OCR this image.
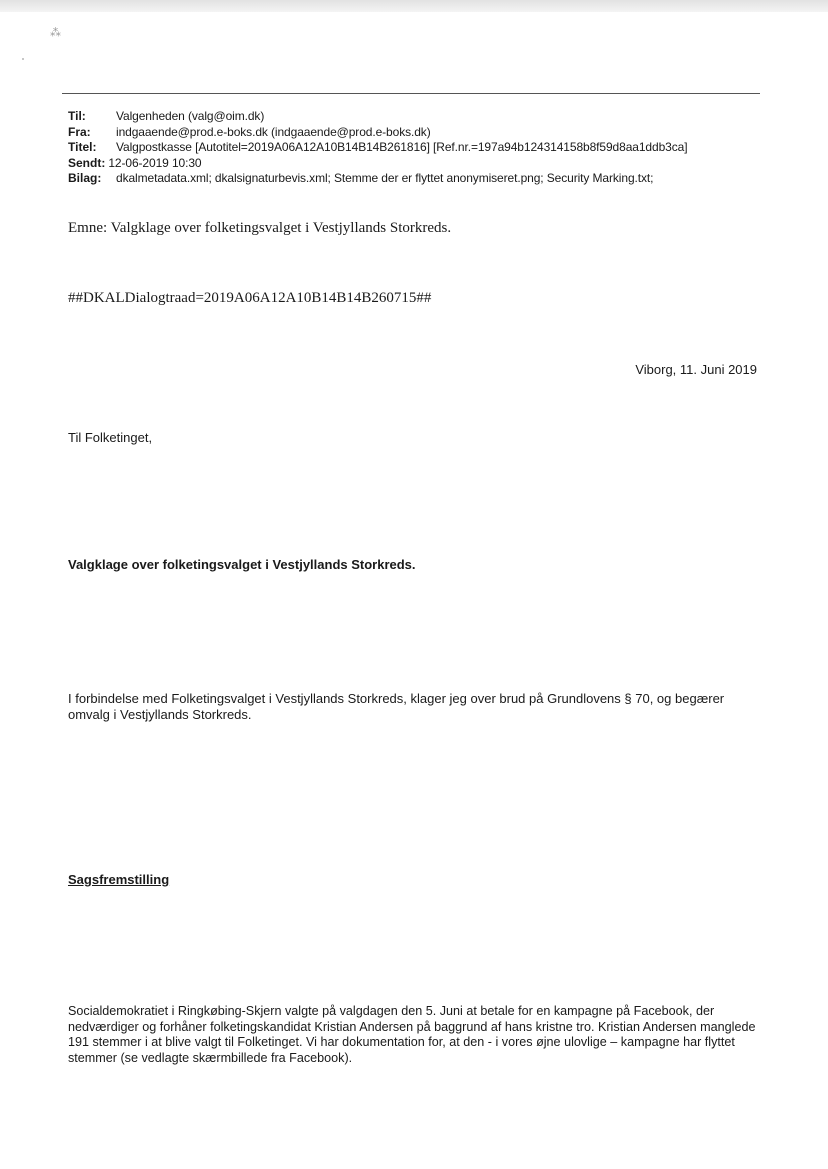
⁂
Til:	Valgenheden (valg@oim.dk)
Fra:	indgaaende@prod.e-boks.dk (indgaaende@prod.e-boks.dk)
Titel:	Valgpostkasse [Autotitel=2019A06A12A10B14B14B261816] [Ref.nr.=197a94b124314158b8f59d8aa1ddb3ca]
Sendt: 12-06-2019 10:30
Bilag:	dkalmetadata.xml; dkalsignaturbevis.xml; Stemme der er flyttet anonymiseret.png; Security Marking.txt;
Emne: Valgklage over folketingsvalget i Vestjyllands Storkreds.
##DKALDialogtraad=2019A06A12A10B14B14B260715##
Viborg, 11. Juni 2019
Til Folketinget,
Valgklage over folketingsvalget i Vestjyllands Storkreds.
I forbindelse med Folketingsvalget i Vestjyllands Storkreds, klager jeg over brud på Grundlovens § 70, og begærer omvalg i Vestjyllands Storkreds.
Sagsfremstilling
Socialdemokratiet i Ringkøbing-Skjern valgte på valgdagen den 5. Juni at betale for en kampagne på Facebook, der nedværdiger og forhåner folketingskandidat Kristian Andersen på baggrund af hans kristne tro. Kristian Andersen manglede 191 stemmer i at blive valgt til Folketinget. Vi har dokumentation for, at den - i vores øjne ulovlige – kampagne har flyttet stemmer (se vedlagte skærmbillede fra Facebook).
